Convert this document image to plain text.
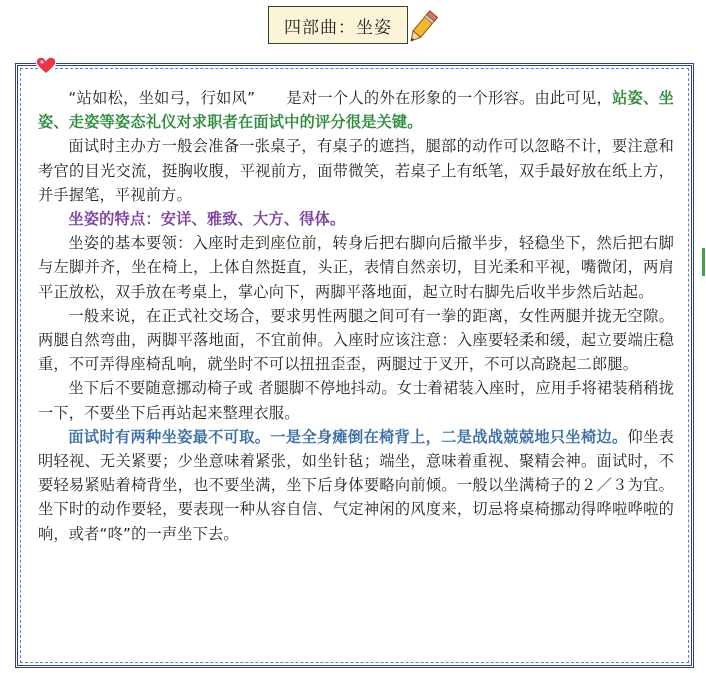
四部曲：坐姿

“站如松，坐如弓，行如风”　　 是对一个人的外在形象的一个形容。由此可见，站姿、坐姿、走姿等姿态礼仪对求职者在面试中的评分很是关键。

面试时主办方一般会准备一张桌子，有桌子的遮挡，腿部的动作可以忽略不计，要注意和考官的目光交流，挺胸收腹，平视前方，面带微笑，若桌子上有纸笔，双手最好放在纸上方，并手握笔，平视前方。

坐姿的特点：安详、雅致、大方、得体。

坐姿的基本要领：入座时走到座位前，转身后把右脚向后撤半步，轻稳坐下，然后把右脚与左脚并齐，坐在椅上，上体自然挺直，头正，表情自然亲切，目光柔和平视，嘴微闭，两肩平正放松，双手放在考桌上，掌心向下，两脚平落地面，起立时右脚先后收半步然后站起。

一般来说，在正式社交场合，要求男性两腿之间可有一拳的距离，女性两腿并拢无空隙。两腿自然弯曲，两脚平落地面，不宜前伸。入座时应该注意：入座要轻柔和缓，起立要端庄稳重，不可弄得座椅乱响，就坐时不可以扭扭歪歪，两腿过于叉开，不可以高跷起二郎腿。

坐下后不要随意挪动椅子或 者腿脚不停地抖动。女士着裙装入座时，应用手将裙装稍稍拢一下，不要坐下后再站起来整理衣服。

面试时有两种坐姿最不可取。一是全身瘫倒在椅背上，二是战战兢兢地只坐椅边。仰坐表明轻视、无关紧要；少坐意味着紧张，如坐针毡；端坐，意味着重视、聚精会神。面试时，不要轻易紧贴着椅背坐，也不要坐满，坐下后身体要略向前倾。一般以坐满椅子的２／３为宜。坐下时的动作要轻，要表现一种从容自信、气定神闲的风度来，切忌将桌椅挪动得哗啦哗啦的响，或者“咚”的一声坐下去。
